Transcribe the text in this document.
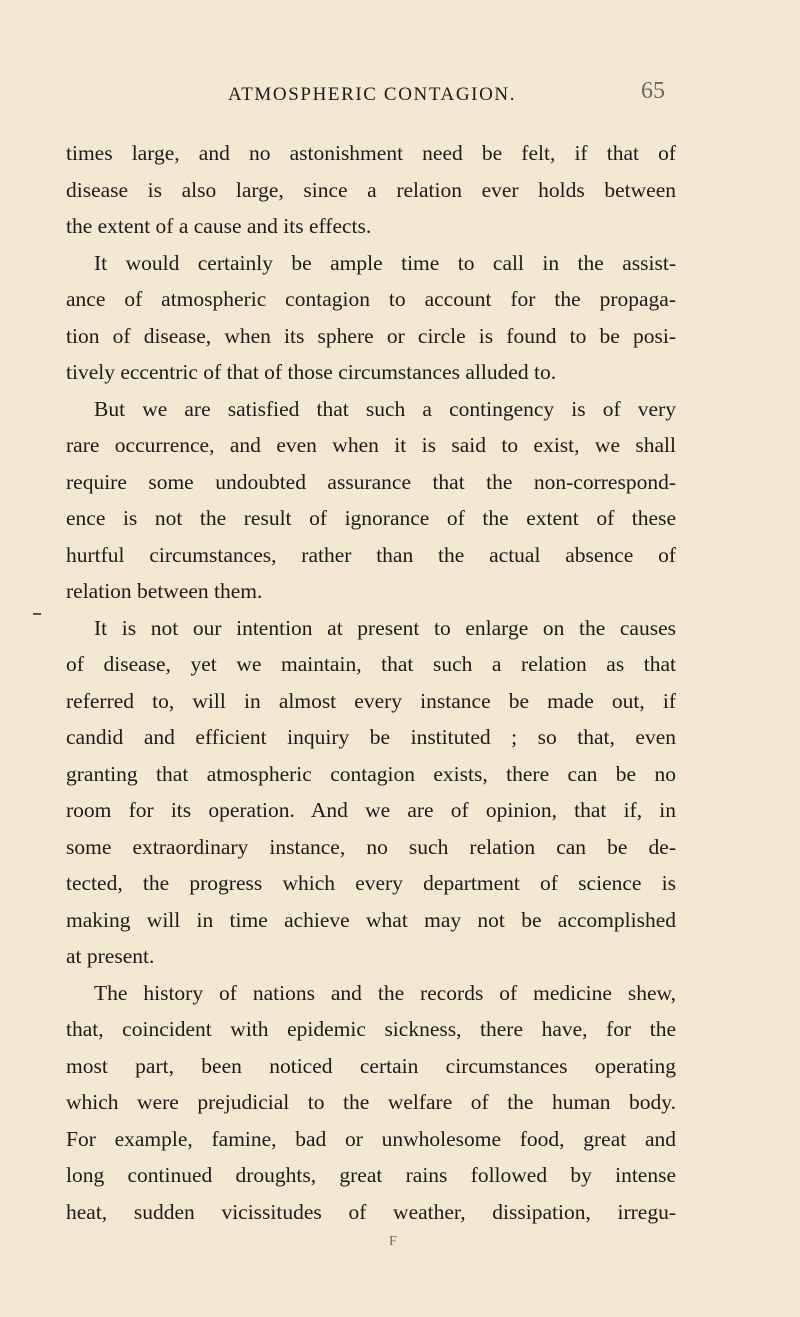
ATMOSPHERIC CONTAGION.	65
times large, and no astonishment need be felt, if that of
disease is also large, since a relation ever holds between
the extent of a cause and its effects.
It would certainly be ample time to call in the assist-
ance of atmospheric contagion to account for the propaga-
tion of disease, when its sphere or circle is found to be posi-
tively eccentric of that of those circumstances alluded to.
But we are satisfied that such a contingency is of very
rare occurrence, and even when it is said to exist, we shall
require some undoubted assurance that the non-correspond-
ence is not the result of ignorance of the extent of these
hurtful circumstances, rather than the actual absence of
relation between them.
It is not our intention at present to enlarge on the causes
of disease, yet we maintain, that such a relation as that
referred to, will in almost every instance be made out, if
candid and efficient inquiry be instituted ; so that, even
granting that atmospheric contagion exists, there can be no
room for its operation. And we are of opinion, that if, in
some extraordinary instance, no such relation can be de-
tected, the progress which every department of science is
making will in time achieve what may not be accomplished
at present.
The history of nations and the records of medicine shew,
that, coincident with epidemic sickness, there have, for the
most part, been noticed certain circumstances operating
which were prejudicial to the welfare of the human body.
For example, famine, bad or unwholesome food, great and
long continued droughts, great rains followed by intense
heat, sudden vicissitudes of weather, dissipation, irregu-
F
